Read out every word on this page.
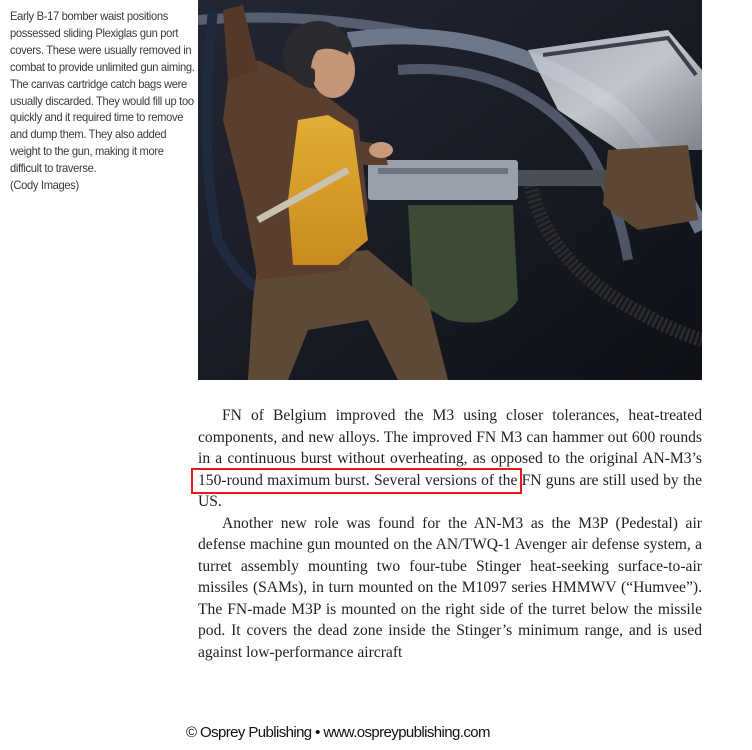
Early B-17 bomber waist positions possessed sliding Plexiglas gun port covers. These were usually removed in combat to provide unlimited gun aiming. The canvas cartridge catch bags were usually discarded. They would fill up too quickly and it required time to remove and dump them. They also added weight to the gun, making it more difficult to traverse.

(Cody Images)

FN of Belgium improved the M3 using closer tolerances, heat-treated components, and new alloys. The improved FN M3 can hammer out 600 rounds in a continuous burst without overheating, as opposed to the original AN-M3’s 150-round maximum burst. Several versions of the FN guns are still used by the US.

Another new role was found for the AN-M3 as the M3P (Pedestal) air defense machine gun mounted on the AN/TWQ-1 Avenger air defense system, a turret assembly mounting two four-tube Stinger heat-seeking surface-to-air missiles (SAMs), in turn mounted on the M1097 series HMMWV (“Humvee”). The FN-made M3P is mounted on the right side of the turret below the missile pod. It covers the dead zone inside the Stinger’s minimum range, and is used against low-performance aircraft

© Osprey Publishing • www.ospreypublishing.com
